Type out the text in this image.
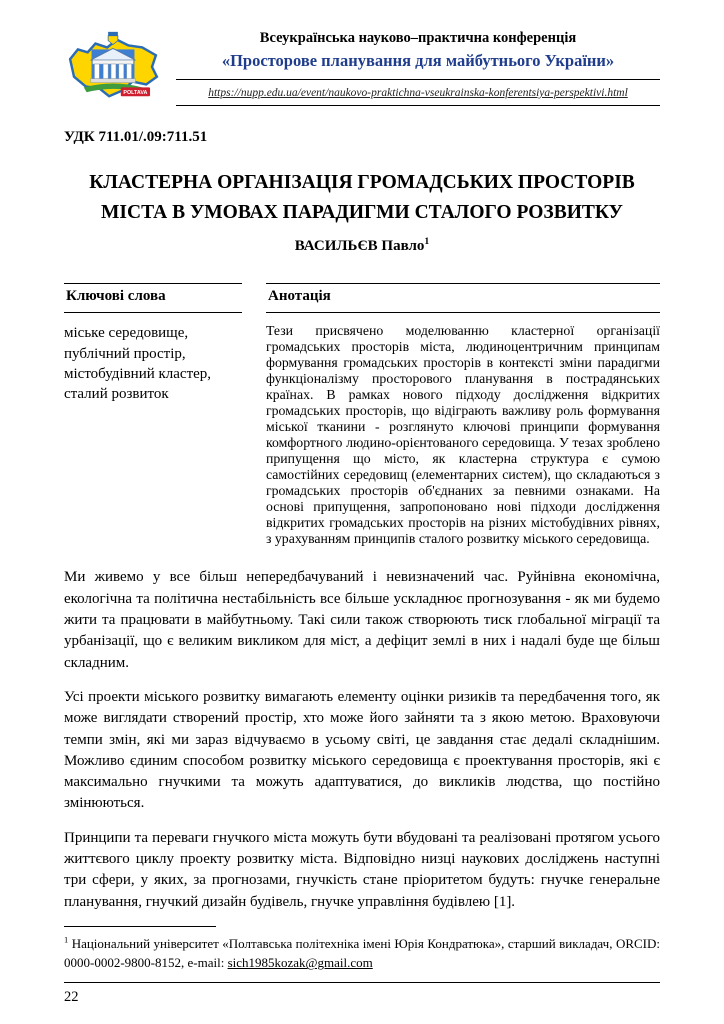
POLTAVA
Всеукраїнська науково–практична конференція
«Просторове планування для майбутнього України»
https://nupp.edu.ua/event/naukovo-praktichna-vseukrainska-konferentsiya-perspektivi.html
УДК 711.01/.09:711.51
КЛАСТЕРНА ОРГАНІЗАЦІЯ ГРОМАДСЬКИХ ПРОСТОРІВ
МІСТА В УМОВАХ ПАРАДИГМИ СТАЛОГО РОЗВИТКУ
ВАСИЛЬЄВ Павло$^1$
Ключові слова
міське середовище, публічний простір, містобудівний кластер, сталий розвиток
Анотація
Тези присвячено моделюванню кластерної організації громадських просторів міста, людиноцентричним принципам формування громадських просторів в контексті зміни парадигми функціоналізму просторового планування в пострадянських країнах. В рамках нового підходу дослідження відкритих громадських просторів, що відіграють важливу роль формування міської тканини - розглянуто ключові принципи формування комфортного людино-орієнтованого середовища. У тезах зроблено припущення що місто, як кластерна структура є сумою самостійних середовищ (елементарних систем), що складаються з громадських просторів об'єднаних за певними ознаками. На основі припущення, запропоновано нові підходи дослідження відкритих громадських просторів на різних містобудівних рівнях, з урахуванням принципів сталого розвитку міського середовища.

Ми живемо у все більш непередбачуваний і невизначений час. Руйнівна економічна, екологічна та політична нестабільність все більше ускладнює прогнозування - як ми будемо жити та працювати в майбутньому. Такі сили також створюють тиск глобальної міграції та урбанізації, що є великим викликом для міст, а дефіцит землі в них і надалі буде ще більш складним.

Усі проекти міського розвитку вимагають елементу оцінки ризиків та передбачення того, як може виглядати створений простір, хто може його зайняти та з якою метою. Враховуючи темпи змін, які ми зараз відчуваємо в усьому світі, це завдання стає дедалі складнішим. Можливо єдиним способом розвитку міського середовища є проектування просторів, які є максимально гнучкими та можуть адаптуватися, до викликів людства, що постійно змінюються.

Принципи та переваги гнучкого міста можуть бути вбудовані та реалізовані протягом усього життєвого циклу проекту розвитку міста. Відповідно низці наукових досліджень наступні три сфери, у яких, за прогнозами, гнучкість стане пріоритетом будуть: гнучке генеральне планування, гнучкий дизайн будівель, гнучке управління будівлею [1].

$^1$ Національний університет «Полтавська політехніка імені Юрія Кондратюка», старший викладач, ORCID: 0000-0002-9800-8152, e-mail: sich1985kozak@gmail.com
22
